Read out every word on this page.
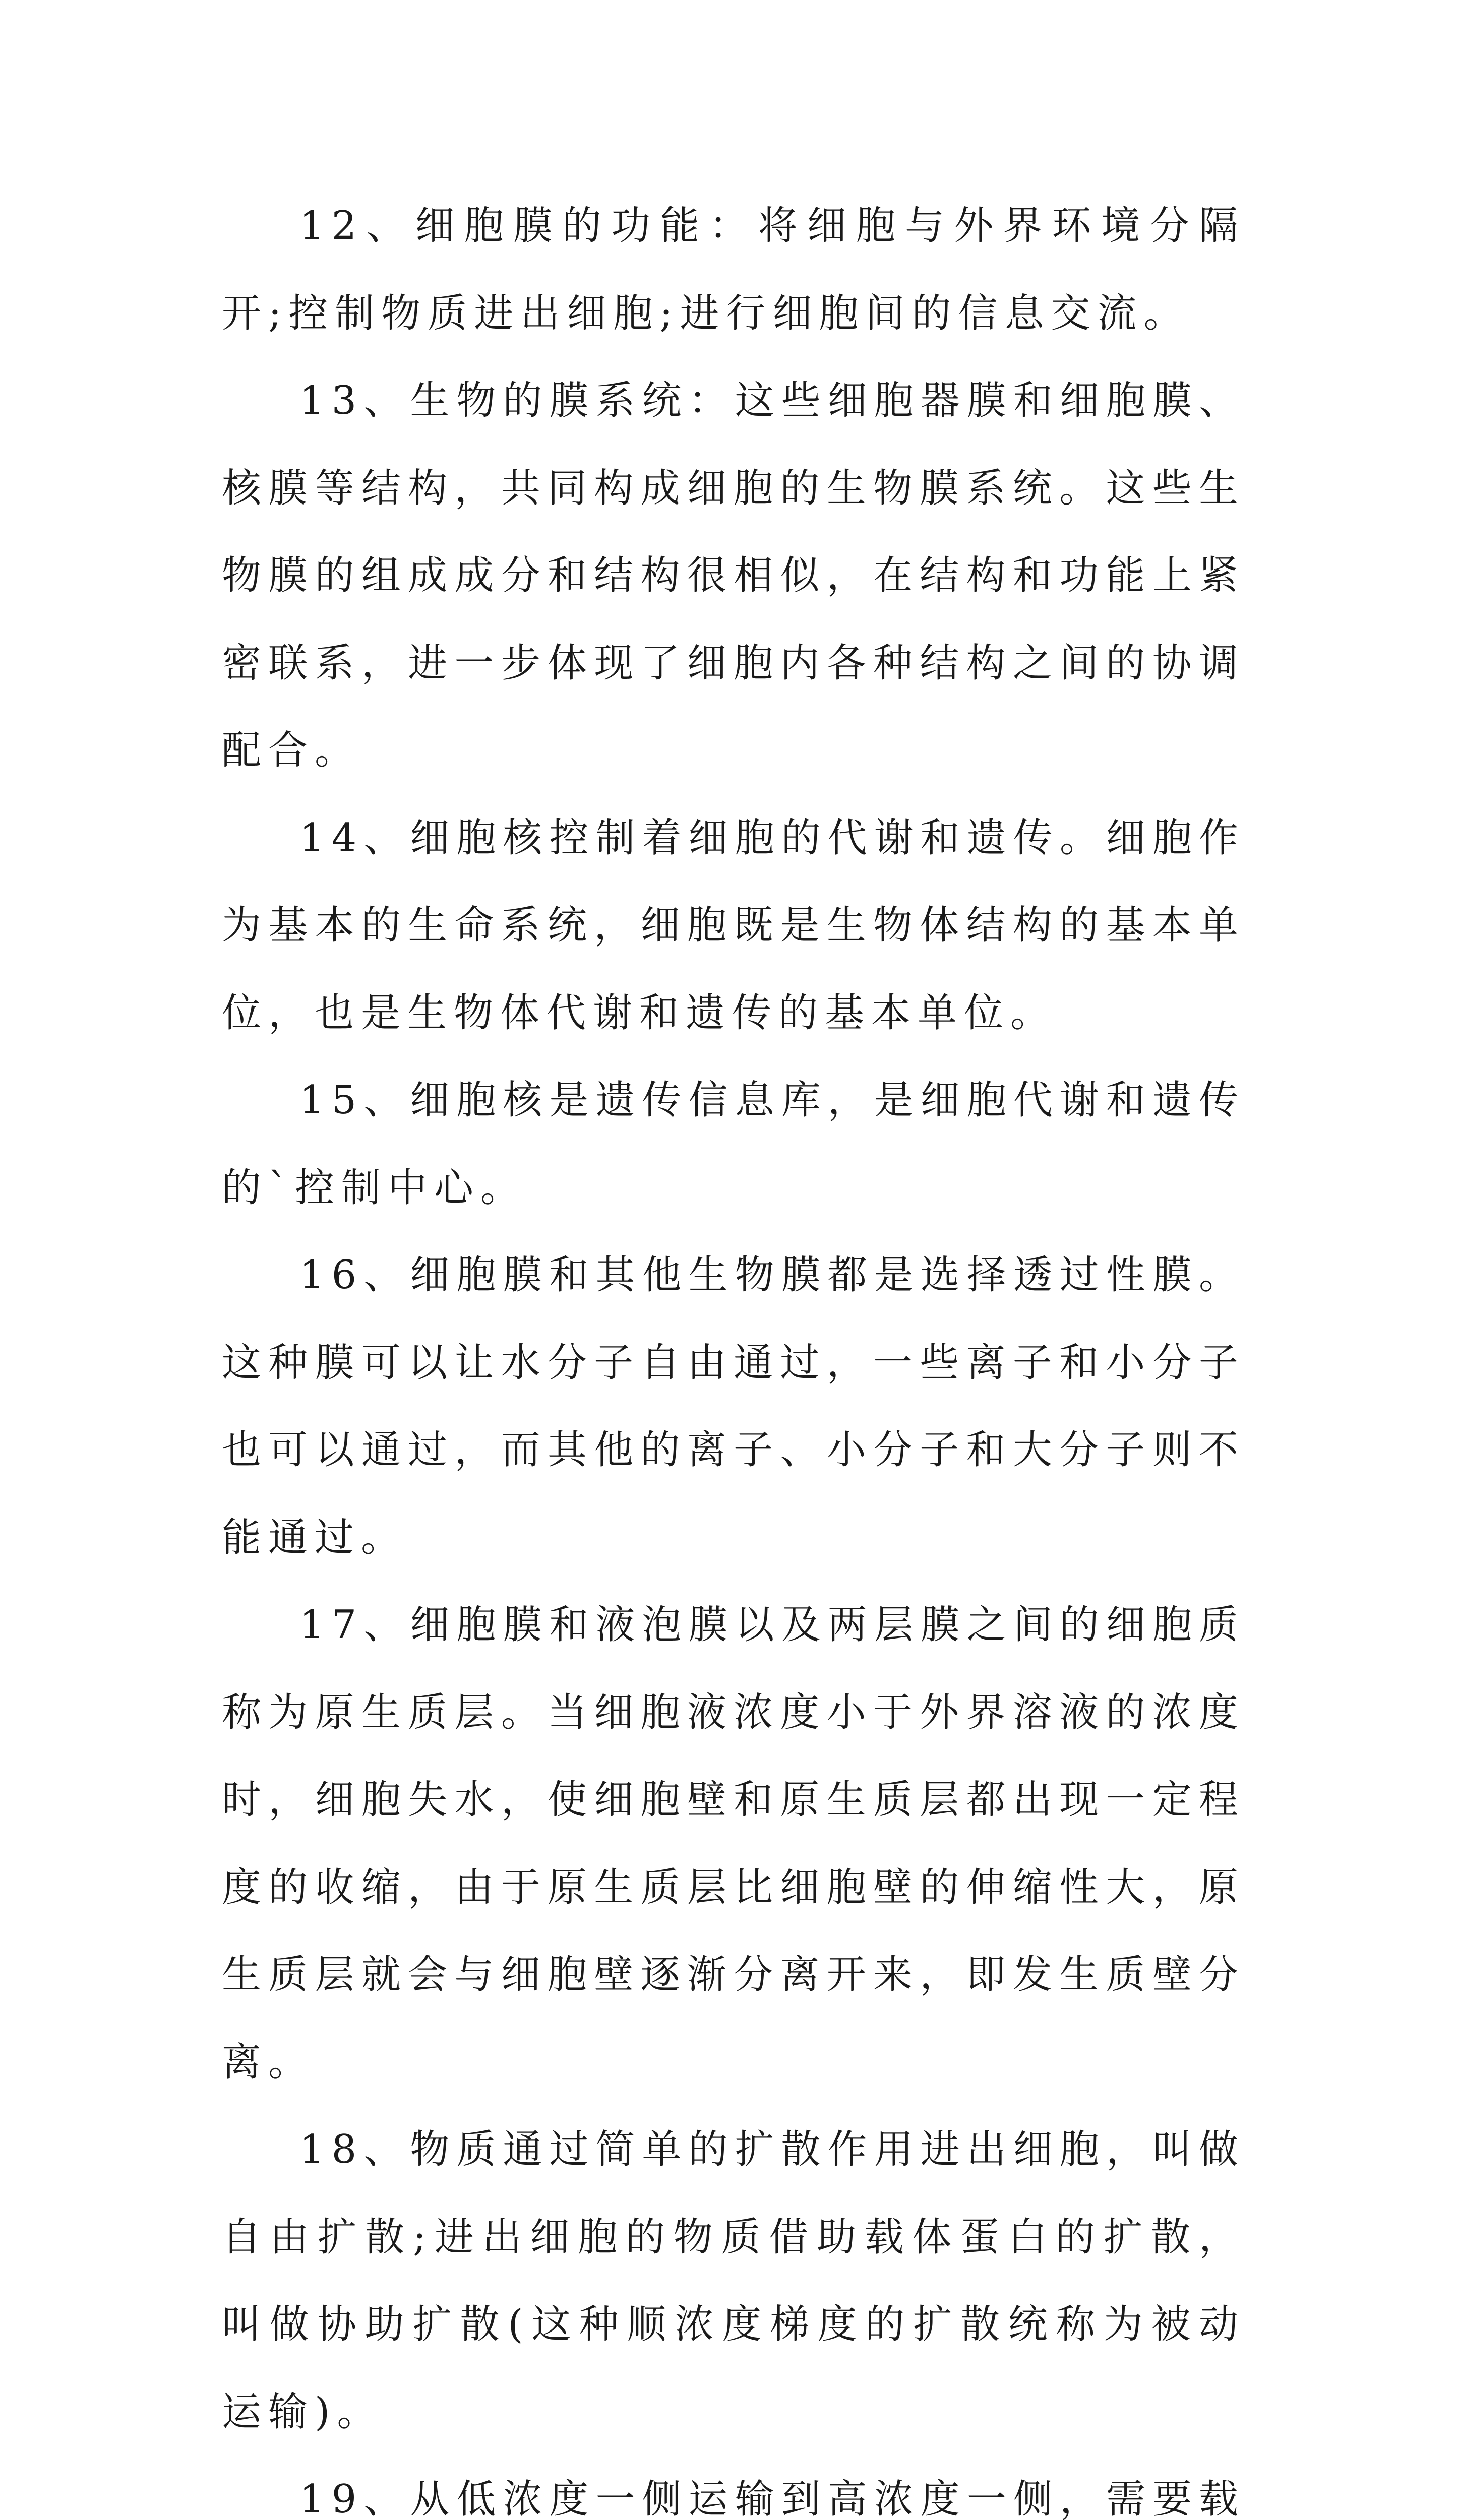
12、细胞膜的功能：将细胞与外界环境分隔开;控制物质进出细胞;进行细胞间的信息交流。

13、生物的膜系统：这些细胞器膜和细胞膜、核膜等结构，共同构成细胞的生物膜系统。这些生物膜的组成成分和结构很相似，在结构和功能上紧密联系，进一步体现了细胞内各种结构之间的协调配合。

14、细胞核控制着细胞的代谢和遗传。细胞作为基本的生命系统，细胞既是生物体结构的基本单位，也是生物体代谢和遗传的基本单位。

15、细胞核是遗传信息库，是细胞代谢和遗传的`控制中心。

16、细胞膜和其他生物膜都是选择透过性膜。这种膜可以让水分子自由通过，一些离子和小分子也可以通过，而其他的离子、小分子和大分子则不能通过。

17、细胞膜和液泡膜以及两层膜之间的细胞质称为原生质层。当细胞液浓度小于外界溶液的浓度时，细胞失水，使细胞壁和原生质层都出现一定程度的收缩，由于原生质层比细胞壁的伸缩性大，原生质层就会与细胞壁逐渐分离开来，即发生质壁分离。

18、物质通过简单的扩散作用进出细胞，叫做自由扩散;进出细胞的物质借助载体蛋白的扩散，叫做协助扩散(这种顺浓度梯度的扩散统称为被动运输)。

19、从低浓度一侧运输到高浓度一侧，需要载
